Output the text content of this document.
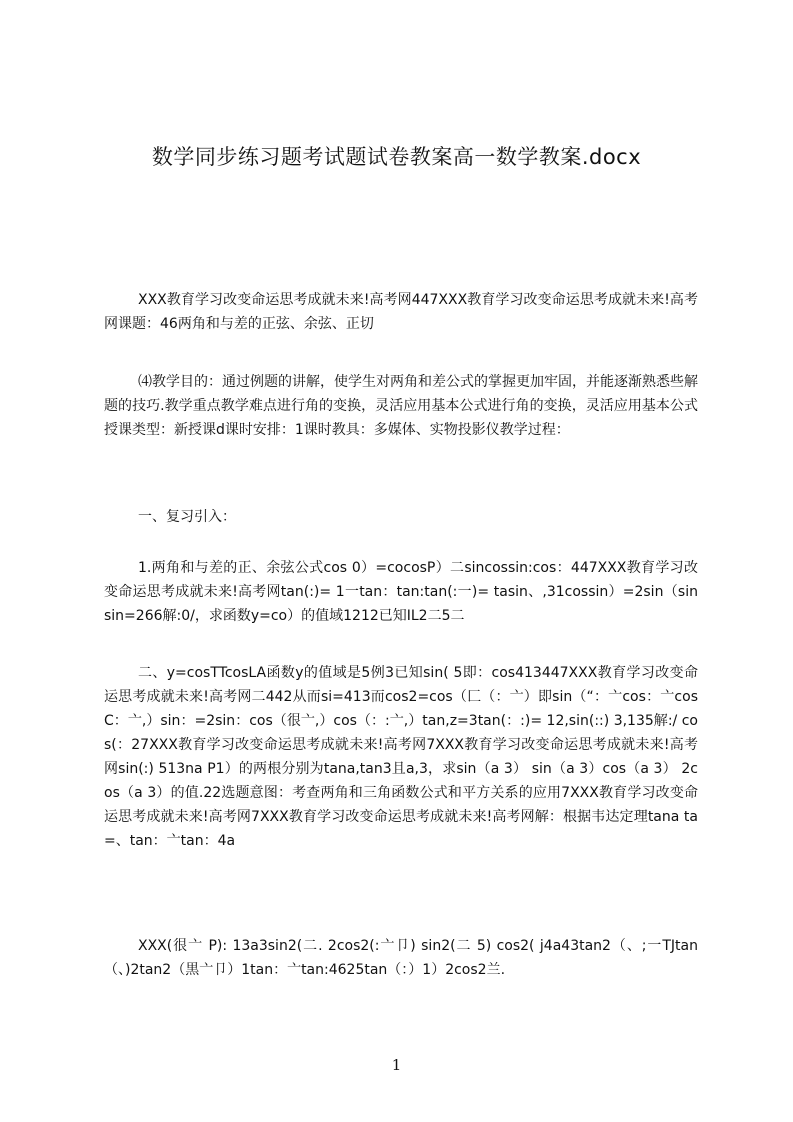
数学同步练习题考试题试卷教案高一数学教案.docx

XXX教育学习改变命运思考成就未来!高考网447XXX教育学习改变命运思考成就未来!高考网课题：46两角和与差的正弦、余弦、正切

⑷教学目的：通过例题的讲解，使学生对两角和差公式的掌握更加牢固，并能逐渐熟悉些解题的技巧.教学重点教学难点进行角的变换，灵活应用基本公式进行角的变换，灵活应用基本公式授课类型：新授课d课时安排：1课时教具：多媒体、实物投影仪教学过程：

一、复习引入：

1.两角和与差的正、余弦公式cos 0）=cocosP）二sincossin:cos：447XXX教育学习改变命运思考成就未来!高考网tan(:)= 1一tan：tan:tan(:一)= tasin、,31cossin）=2sin（sinsin=266解:0/，求函数y=co）的值域1212已知IL2二5二

二、y=cosTTcosLA函数y的值域是5例3已知sin( 5即：cos413447XXX教育学习改变命运思考成就未来!高考网二442从而si=413而cos2=cos（匚（：亠）即sin（“：亠cos：亠cosC：亠,）sin：=2sin：cos（很亠,）cos（：:亠,）tan,z=3tan(：:)= 12,sin(::) 3,135解:/ cos(：27XXX教育学习改变命运思考成就未来!高考网7XXX教育学习改变命运思考成就未来!高考网sin(:) 513na P1）的两根分别为tana,tan3且a,3，求sin（a 3） sin（a 3）cos（a 3） 2cos（a 3）的值.22选题意图：考查两角和三角函数公式和平方关系的应用7XXX教育学习改变命运思考成就未来!高考网7XXX教育学习改变命运思考成就未来!高考网解：根据韦达定理tana ta=、tan：亠tan：4a

XXX(很亠 P): 13a3sin2(二. 2cos2(:亠卩) sin2(二 5) cos2( j4a43tan2（、;一TJtan（、)2tan2（黒亠卩）1tan：亠tan:4625tan（：）1）2cos2兰.

1
